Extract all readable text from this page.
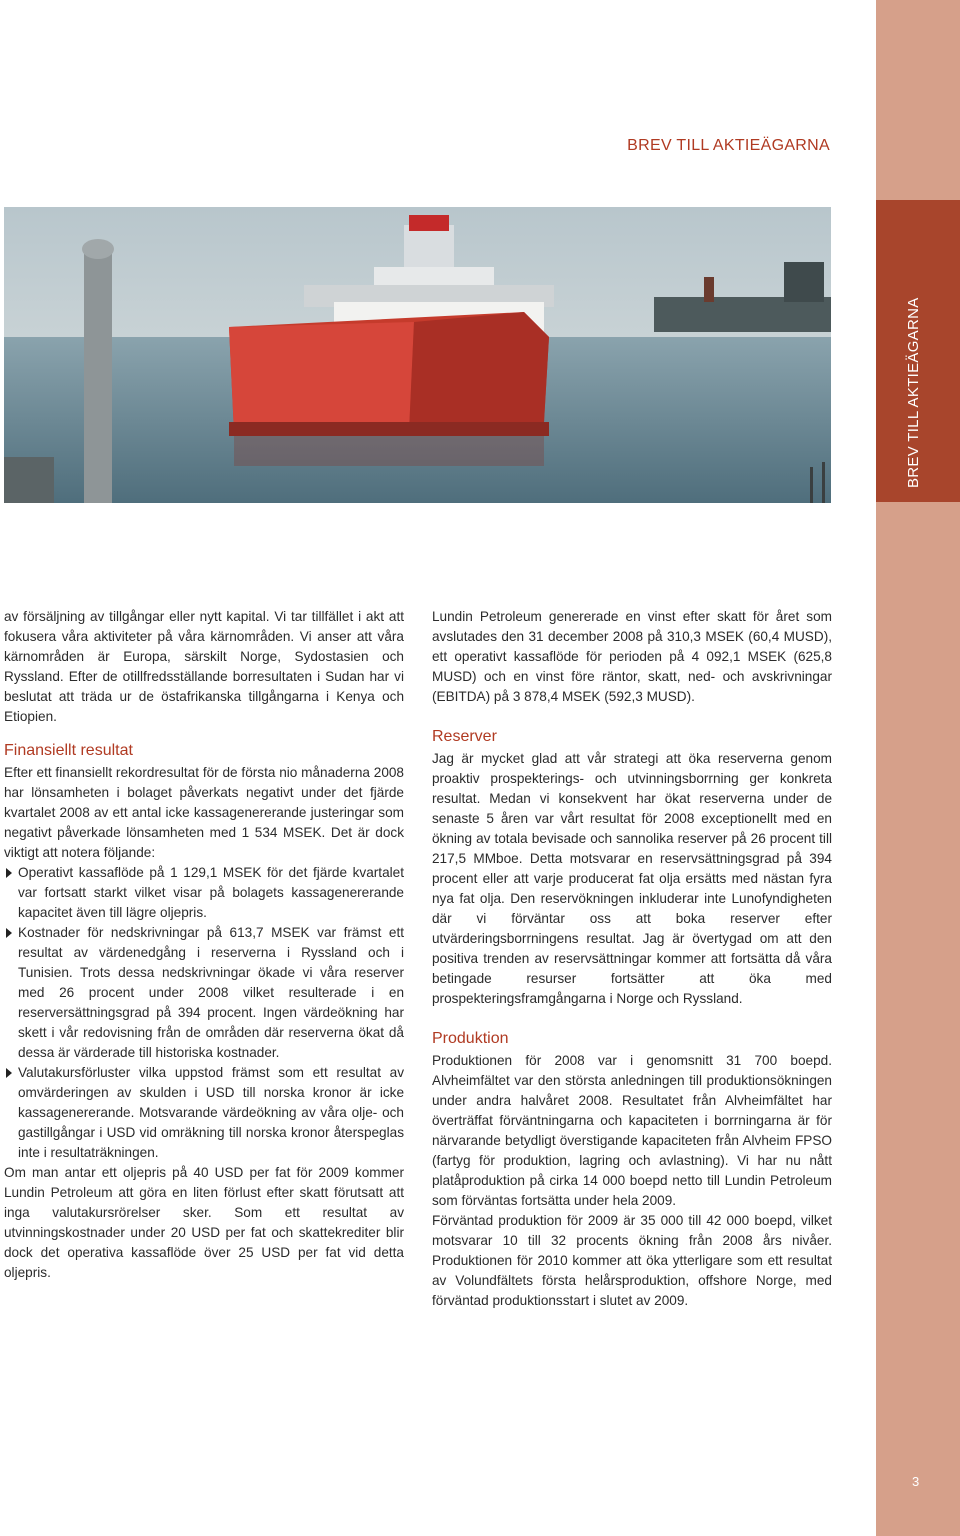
BREV TILL AKTIEÄGARNA
BREV TILL AKTIEÄGARNA

av försäljning av tillgångar eller nytt kapital. Vi tar tillfället i akt att fokusera våra aktiviteter på våra kärnområden. Vi anser att våra kärnområden är Europa, särskilt Norge, Sydostasien och Ryssland. Efter de otillfredsställande borresultaten i Sudan har vi beslutat att träda ur de östafrikanska tillgångarna i Kenya och Etiopien.

Finansiellt resultat

Efter ett finansiellt rekordresultat för de första nio månaderna 2008 har lönsamheten i bolaget påverkats negativt under det fjärde kvartalet 2008 av ett antal icke kassagenererande justeringar som negativt påverkade lönsamheten med 1 534 MSEK. Det är dock viktigt att notera följande:

Operativt kassaflöde på 1 129,1 MSEK för det fjärde kvartalet var fortsatt starkt vilket visar på bolagets kassagenererande kapacitet även till lägre oljepris.

Kostnader för nedskrivningar på 613,7 MSEK var främst ett resultat av värdenedgång i reserverna i Ryssland och i Tunisien. Trots dessa nedskrivningar ökade vi våra reserver med 26 procent under 2008 vilket resulterade i en reserversättningsgrad på 394 procent. Ingen värdeökning har skett i vår redovisning från de områden där reserverna ökat då dessa är värderade till historiska kostnader.

Valutakursförluster vilka uppstod främst som ett resultat av omvärderingen av skulden i USD till norska kronor är icke kassagenererande. Motsvarande värdeökning av våra olje- och gastillgångar i USD vid omräkning till norska kronor återspeglas inte i resultaträkningen.

Om man antar ett oljepris på 40 USD per fat för 2009 kommer Lundin Petroleum att göra en liten förlust efter skatt förutsatt att inga valutakursrörelser sker. Som ett resultat av utvinningskostnader under 20 USD per fat och skattekrediter blir dock det operativa kassaflöde över 25 USD per fat vid detta oljepris.

Lundin Petroleum genererade en vinst efter skatt för året som avslutades den 31 december 2008 på 310,3 MSEK (60,4 MUSD), ett operativt kassaflöde för perioden på 4 092,1 MSEK (625,8 MUSD) och en vinst före räntor, skatt, ned- och avskrivningar (EBITDA) på 3 878,4 MSEK (592,3 MUSD).

Reserver

Jag är mycket glad att vår strategi att öka reserverna genom proaktiv prospekterings- och utvinningsborrning ger konkreta resultat. Medan vi konsekvent har ökat reserverna under de senaste 5 åren var vårt resultat för 2008 exceptionellt med en ökning av totala bevisade och sannolika reserver på 26 procent till 217,5 MMboe. Detta motsvarar en reservsättningsgrad på 394 procent eller att varje producerat fat olja ersätts med nästan fyra nya fat olja. Den reservökningen inkluderar inte Lunofyndigheten där vi förväntar oss att boka reserver efter utvärderingsborrningens resultat. Jag är övertygad om att den positiva trenden av reservsättningar kommer att fortsätta då våra betingade resurser fortsätter att öka med prospekteringsframgångarna i Norge och Ryssland.

Produktion

Produktionen för 2008 var i genomsnitt 31 700 boepd. Alvheimfältet var den största anledningen till produktionsökningen under andra halvåret 2008. Resultatet från Alvheimfältet har överträffat förväntningarna och kapaciteten i borrningarna är för närvarande betydligt överstigande kapaciteten från Alvheim FPSO (fartyg för produktion, lagring och avlastning). Vi har nu nått platåproduktion på cirka 14 000 boepd netto till Lundin Petroleum som förväntas fortsätta under hela 2009.

Förväntad produktion för 2009 är 35 000 till 42 000 boepd, vilket motsvarar 10 till 32 procents ökning från 2008 års nivåer. Produktionen för 2010 kommer att öka ytterligare som ett resultat av Volundfältets första helårsproduktion, offshore Norge, med förväntad produktionsstart i slutet av 2009.

3
